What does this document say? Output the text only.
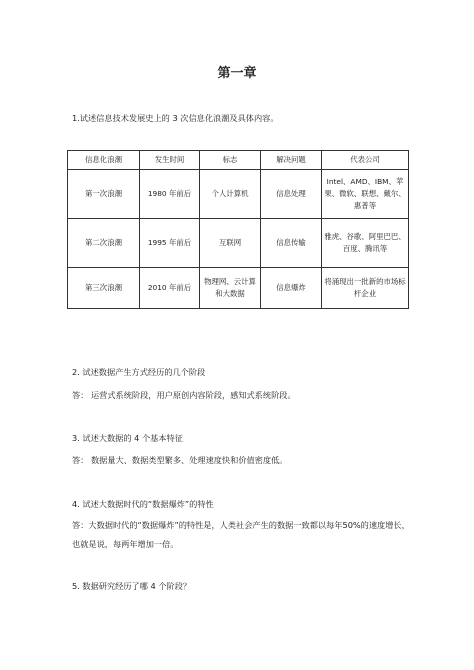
第一章
1.试述信息技术发展史上的 3 次信息化浪潮及具体内容。
信息化浪潮	发生时间	标志	解决问题	代表公司
第一次浪潮	1980 年前后	个人计算机	信息处理	Intel、AMD、IBM、苹果、微软、联想、戴尔、惠普等
第二次浪潮	1995 年前后	互联网	信息传输	雅虎、谷歌、阿里巴巴、百度、腾讯等
第三次浪潮	2010 年前后	物理网、云计算和大数据	信息爆炸	将涌现出一批新的市场标杆企业
2. 试述数据产生方式经历的几个阶段
答： 运营式系统阶段，用户原创内容阶段，感知式系统阶段。
3. 试述大数据的 4 个基本特征
答： 数据量大、数据类型繁多、处理速度快和价值密度低。
4. 试述大数据时代的“数据爆炸”的特性
答：大数据时代的“数据爆炸”的特性是，人类社会产生的数据一致都以每年50%的速度增长，也就是说，每两年增加一倍。
5. 数据研究经历了哪 4 个阶段？
